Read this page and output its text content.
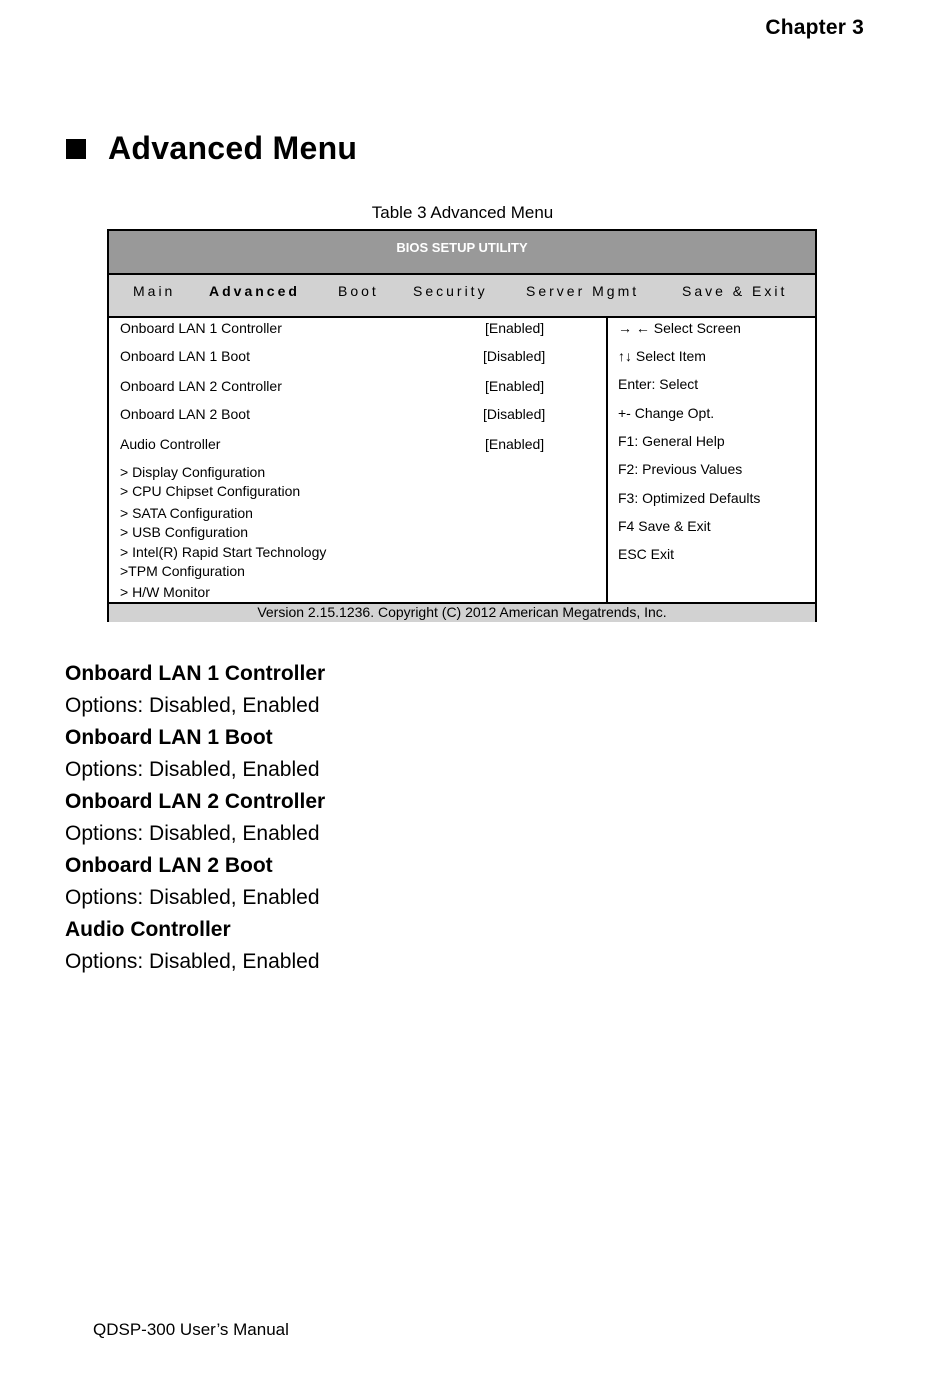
Chapter 3
Advanced Menu
Table 3 Advanced Menu
BIOS SETUP UTILITY
Main Advanced	Boot Security	Server Mgmt	Save & Exit
Onboard LAN 1 Controller	[Enabled]
Onboard LAN 1 Boot	[Disabled]
Onboard LAN 2 Controller	[Enabled]
Onboard LAN 2 Boot	[Disabled]
Audio Controller	[Enabled]
> Display Configuration
> CPU Chipset Configuration
> SATA Configuration
> USB Configuration
> Intel(R) Rapid Start Technology
>TPM Configuration
> H/W Monitor
→ ← Select Screen
↑↓ Select Item
Enter: Select
+- Change Opt.
F1: General Help
F2: Previous Values
F3: Optimized Defaults
F4 Save & Exit
ESC Exit
Version 2.15.1236. Copyright (C) 2012 American Megatrends, Inc.
Onboard LAN 1 Controller
Options: Disabled, Enabled
Onboard LAN 1 Boot
Options: Disabled, Enabled
Onboard LAN 2 Controller
Options: Disabled, Enabled
Onboard LAN 2 Boot
Options: Disabled, Enabled
Audio Controller
Options: Disabled, Enabled
QDSP-300 User’s Manual
